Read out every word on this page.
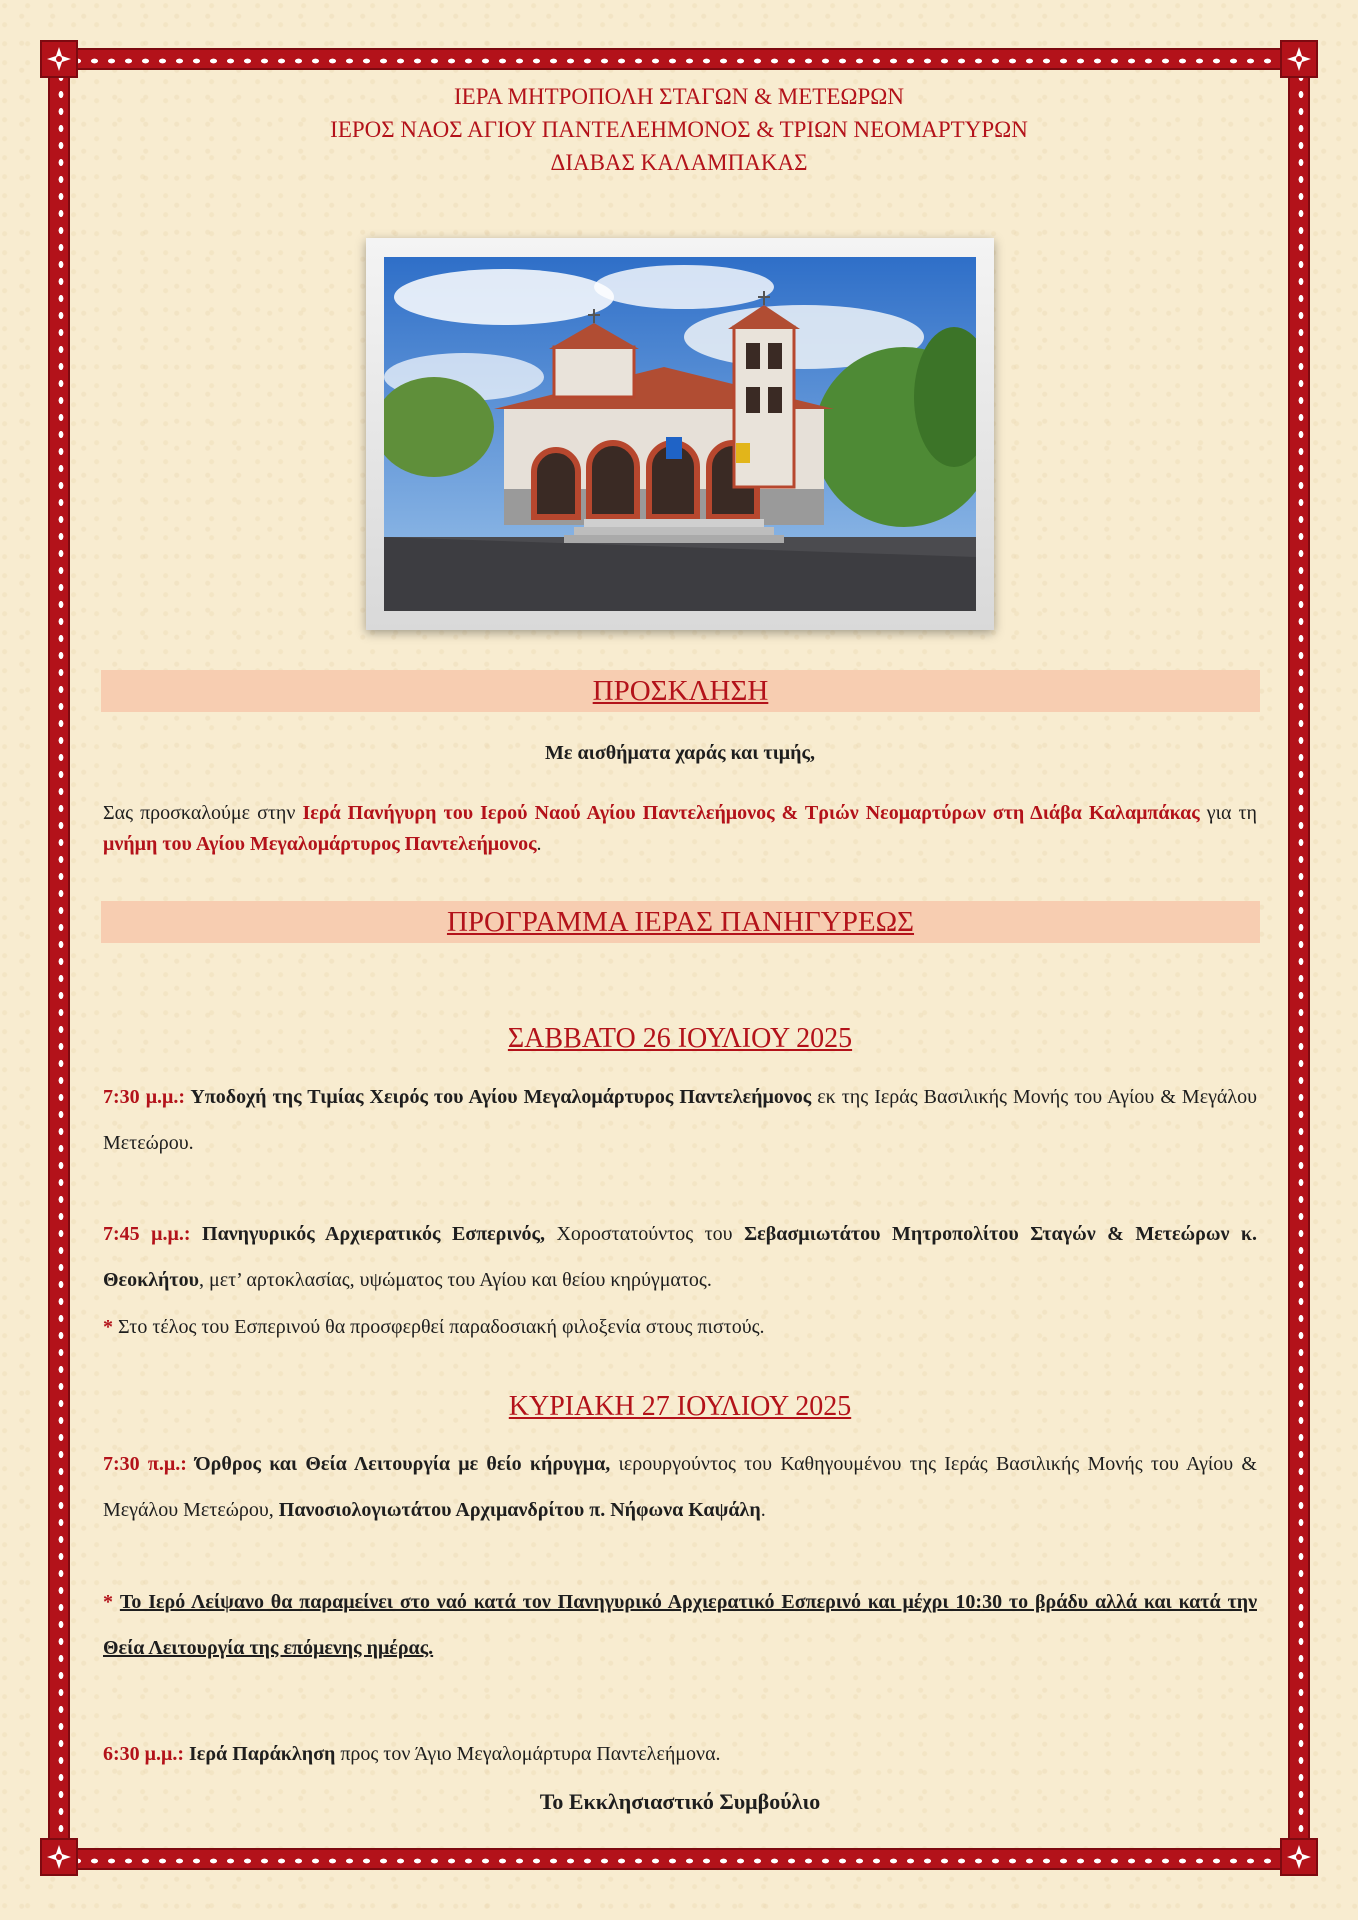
ΙΕΡΑ ΜΗΤΡΟΠΟΛΗ ΣΤΑΓΩΝ & ΜΕΤΕΩΡΩΝ
ΙΕΡΟΣ ΝΑΟΣ ΑΓΙΟΥ ΠΑΝΤΕΛΕΗΜΟΝΟΣ & ΤΡΙΩΝ ΝΕΟΜΑΡΤΥΡΩΝ
ΔΙΑΒΑΣ ΚΑΛΑΜΠΑΚΑΣ
ΠΡΟΣΚΛΗΣΗ
Με αισθήματα χαράς και τιμής,
Σας προσκαλούμε στην Ιερά Πανήγυρη του Ιερού Ναού Αγίου Παντελεήμονος & Τριών Νεομαρτύρων στη Διάβα Καλαμπάκας για τη μνήμη του Αγίου Μεγαλομάρτυρος Παντελεήμονος.
ΠΡΟΓΡΑΜΜΑ ΙΕΡΑΣ ΠΑΝΗΓΥΡΕΩΣ
ΣΑΒΒΑΤΟ 26 ΙΟΥΛΙΟΥ 2025
7:30 μ.μ.: Υποδοχή της Τιμίας Χειρός του Αγίου Μεγαλομάρτυρος Παντελεήμονος εκ της Ιεράς Βασιλικής Μονής του Αγίου & Μεγάλου Μετεώρου.
7:45 μ.μ.: Πανηγυρικός Αρχιερατικός Εσπερινός, Χοροστατούντος του Σεβασμιωτάτου Μητροπολίτου Σταγών & Μετεώρων κ. Θεοκλήτου, μετ’ αρτοκλασίας, υψώματος του Αγίου και θείου κηρύγματος.
* Στο τέλος του Εσπερινού θα προσφερθεί παραδοσιακή φιλοξενία στους πιστούς.
ΚΥΡΙΑΚΗ 27 ΙΟΥΛΙΟΥ 2025
7:30 π.μ.: Όρθρος και Θεία Λειτουργία με θείο κήρυγμα, ιερουργούντος του Καθηγουμένου της Ιεράς Βασιλικής Μονής του Αγίου & Μεγάλου Μετεώρου, Πανοσιολογιωτάτου Αρχιμανδρίτου π. Νήφωνα Καψάλη.
* Το Ιερό Λείψανο θα παραμείνει στο ναό κατά τον Πανηγυρικό Αρχιερατικό Εσπερινό και μέχρι 10:30 το βράδυ αλλά και κατά την Θεία Λειτουργία της επόμενης ημέρας.
6:30 μ.μ.: Ιερά Παράκληση προς τον Άγιο Μεγαλομάρτυρα Παντελεήμονα.
Το Εκκλησιαστικό Συμβούλιο
